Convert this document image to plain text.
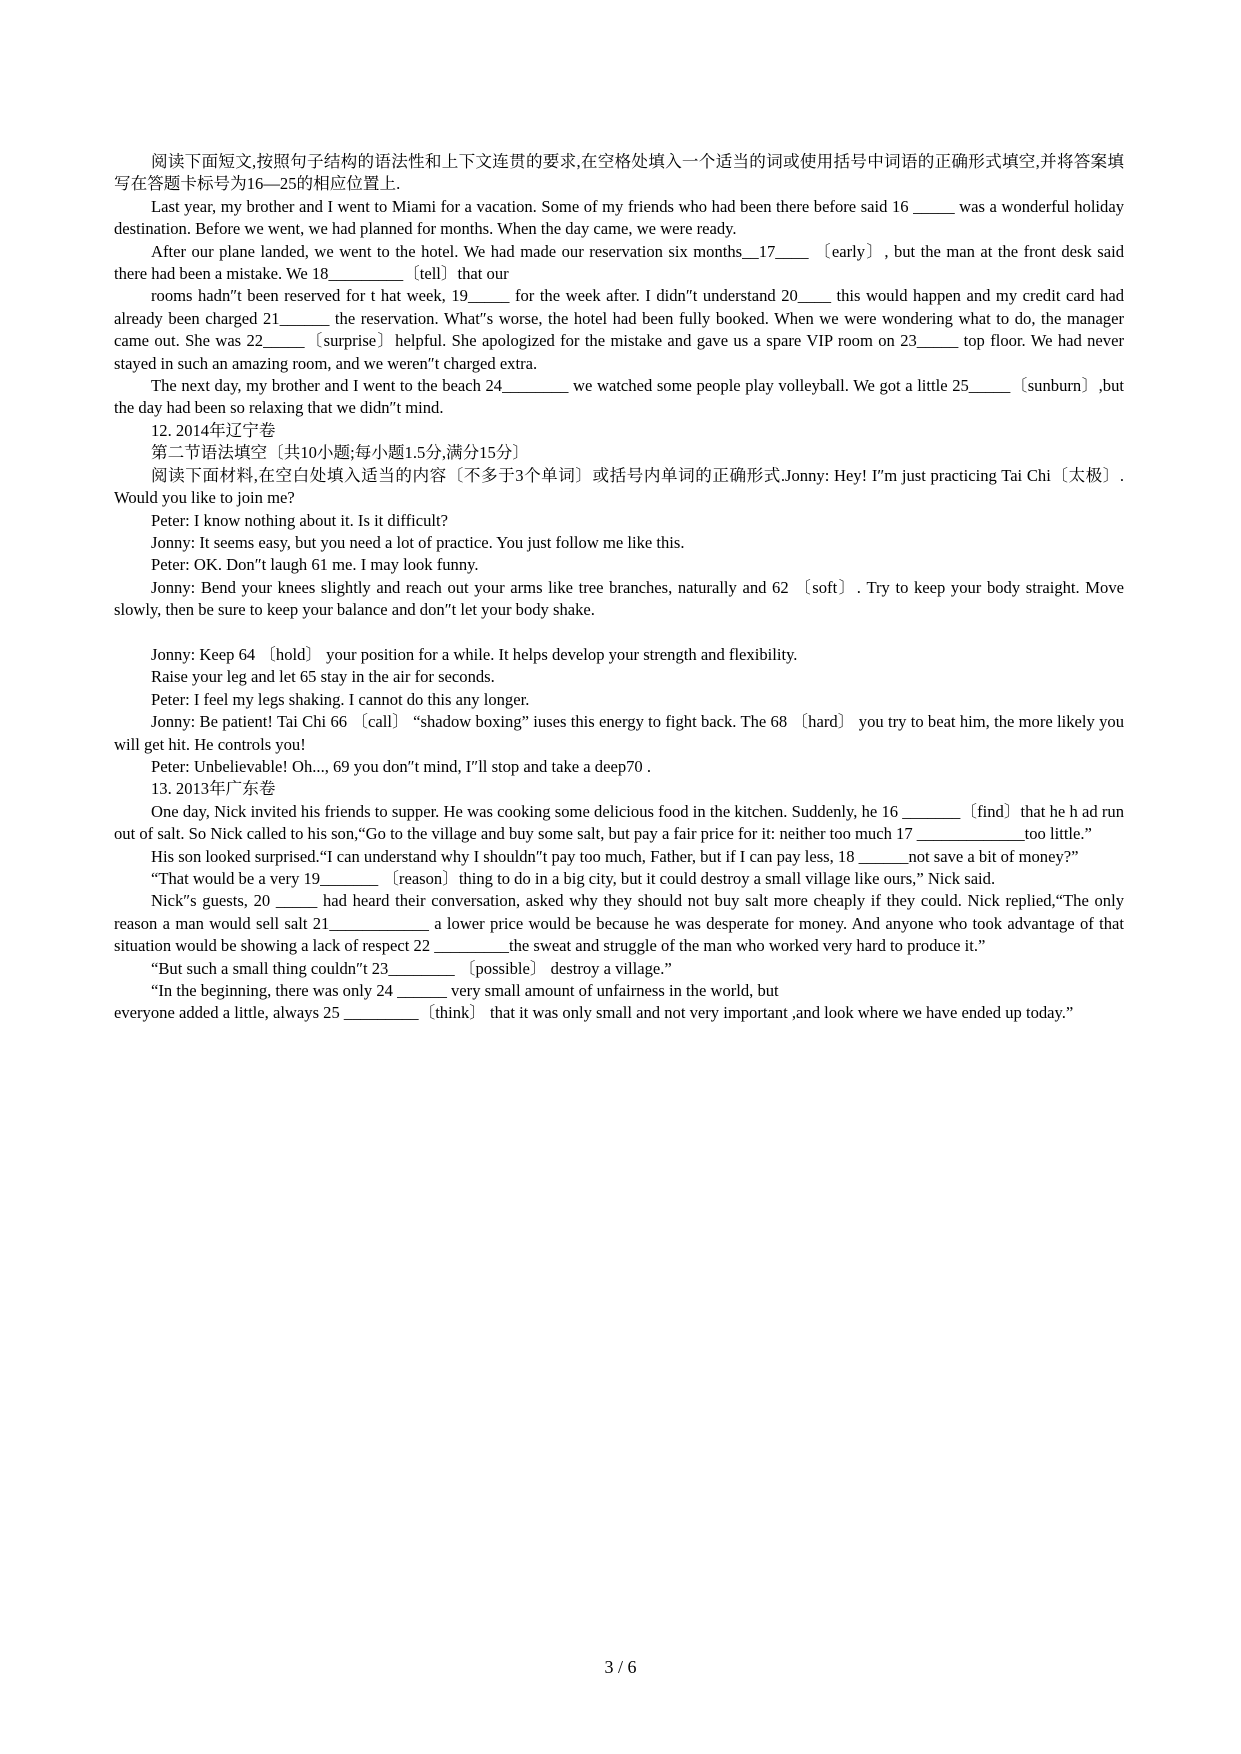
阅读下面短文,按照句子结构的语法性和上下文连贯的要求,在空格处填入一个适当的词或使用括号中词语的正确形式填空,并将答案填写在答题卡标号为16—25的相应位置上.

Last year, my brother and I went to Miami for a vacation. Some of my friends who had been there before said 16 _____ was a wonderful holiday destination. Before we went, we had planned for months. When the day came, we were ready.

After our plane landed, we went to the hotel. We had made our reservation six months__17____ 〔early〕, but the man at the front desk said there had been a mistake. We 18_________〔tell〕that our

rooms hadn″t been reserved for t hat week, 19_____ for the week after. I didn″t understand 20____ this would happen and my credit card had already been charged 21______ the reservation. What″s worse, the hotel had been fully booked. When we were wondering what to do, the manager came out. She was 22_____〔surprise〕helpful. She apologized for the mistake and gave us a spare VIP room on 23_____ top floor. We had never stayed in such an amazing room, and we weren″t charged extra.

The next day, my brother and I went to the beach 24________ we watched some people play volleyball. We got a little 25_____〔sunburn〕,but the day had been so relaxing that we didn″t mind.

12. 2014年辽宁卷

第二节语法填空〔共10小题;每小题1.5分,满分15分〕

阅读下面材料,在空白处填入适当的内容〔不多于3个单词〕或括号内单词的正确形式.Jonny: Hey! I″m just practicing Tai Chi〔太极〕. Would you like to join me?

Peter: I know nothing about it. Is it difficult?

Jonny: It seems easy, but you need a lot of practice. You just follow me like this.

Peter: OK. Don″t laugh 61 me. I may look funny.

Jonny: Bend your knees slightly and reach out your arms like tree branches, naturally and 62 〔soft〕. Try to keep your body straight. Move slowly, then be sure to keep your balance and don″t let your body shake.

Jonny: Keep 64 〔hold〕 your position for a while. It helps develop your strength and flexibility.

Raise your leg and let 65 stay in the air for seconds.

Peter: I feel my legs shaking. I cannot do this any longer.

Jonny: Be patient! Tai Chi 66 〔call〕 “shadow boxing” iuses this energy to fight back. The 68 〔hard〕 you try to beat him, the more likely you will get hit. He controls you!

Peter: Unbelievable! Oh..., 69 you don″t mind, I″ll stop and take a deep70 .

13. 2013年广东卷

One day, Nick invited his friends to supper. He was cooking some delicious food in the kitchen. Suddenly, he 16 _______〔find〕that he h ad run out of salt. So Nick called to his son,“Go to the village and buy some salt, but pay a fair price for it: neither too much 17 _____________too little.”

His son looked surprised.“I can understand why I shouldn″t pay too much, Father, but if I can pay less, 18 ______not save a bit of money?”

“That would be a very 19_______ 〔reason〕thing to do in a big city, but it could destroy a small village like ours,” Nick said.

Nick″s guests, 20 _____ had heard their conversation, asked why they should not buy salt more cheaply if they could. Nick replied,“The only reason a man would sell salt 21____________ a lower price would be because he was desperate for money. And anyone who took advantage of that situation would be showing a lack of respect 22 _________the sweat and struggle of the man who worked very hard to produce it.”

“But such a small thing couldn″t 23________ 〔possible〕 destroy a village.”

“In the beginning, there was only 24 ______ very small amount of unfairness in the world, but

everyone added a little, always 25 _________〔think〕 that it was only small and not very important ,and look where we have ended up today.”

3 / 6
